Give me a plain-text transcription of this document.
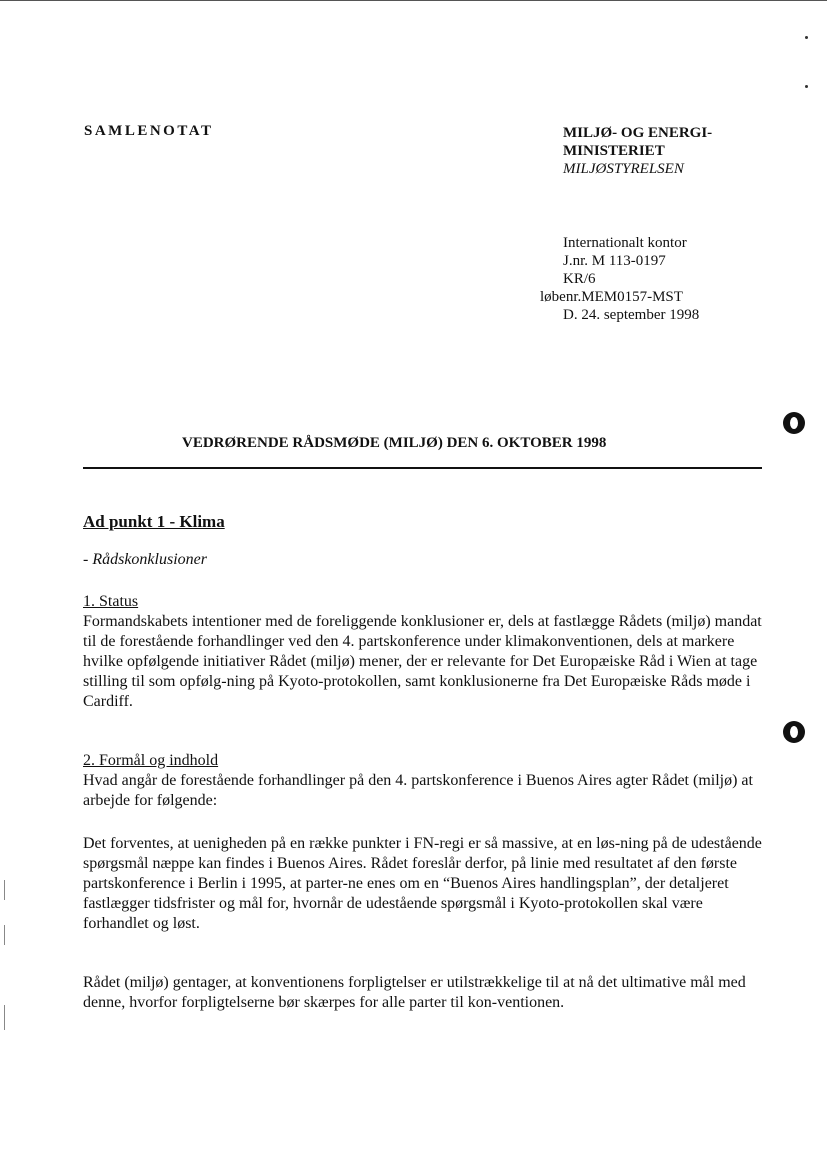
SAMLENOTAT	MILJØ- OG ENERGI-
MINISTERIET
MILJØSTYRELSEN
Internationalt kontor
J.nr. M 113-0197
KR/6
løbenr.MEM0157-MST
D. 24. september 1998
VEDRØRENDE RÅDSMØDE (MILJØ) DEN 6. OKTOBER 1998
Ad punkt 1 - Klima
- Rådskonklusioner
1. Status

Formandskabets intentioner med de foreliggende konklusioner er, dels at fastlægge Rådets (miljø) mandat til de forestående forhandlinger ved den 4. partskonference under klimakonventionen, dels at markere hvilke opfølgende initiativer Rådet (miljø) mener, der er relevante for Det Europæiske Råd i Wien at tage stilling til som opfølg-ning på Kyoto-protokollen, samt konklusionerne fra Det Europæiske Råds møde i Cardiff.

2. Formål og indhold

Hvad angår de forestående forhandlinger på den 4. partskonference i Buenos Aires agter Rådet (miljø) at arbejde for følgende:

Det forventes, at uenigheden på en række punkter i FN-regi er så massive, at en løs-ning på de udestående spørgsmål næppe kan findes i Buenos Aires. Rådet foreslår derfor, på linie med resultatet af den første partskonference i Berlin i 1995, at parter-ne enes om en “Buenos Aires handlingsplan”, der detaljeret fastlægger tidsfrister og mål for, hvornår de udestående spørgsmål i Kyoto-protokollen skal være forhandlet og løst.
Rådet (miljø) gentager, at konventionens forpligtelser er utilstrækkelige til at nå det ultimative mål med denne, hvorfor forpligtelserne bør skærpes for alle parter til kon-ventionen.
